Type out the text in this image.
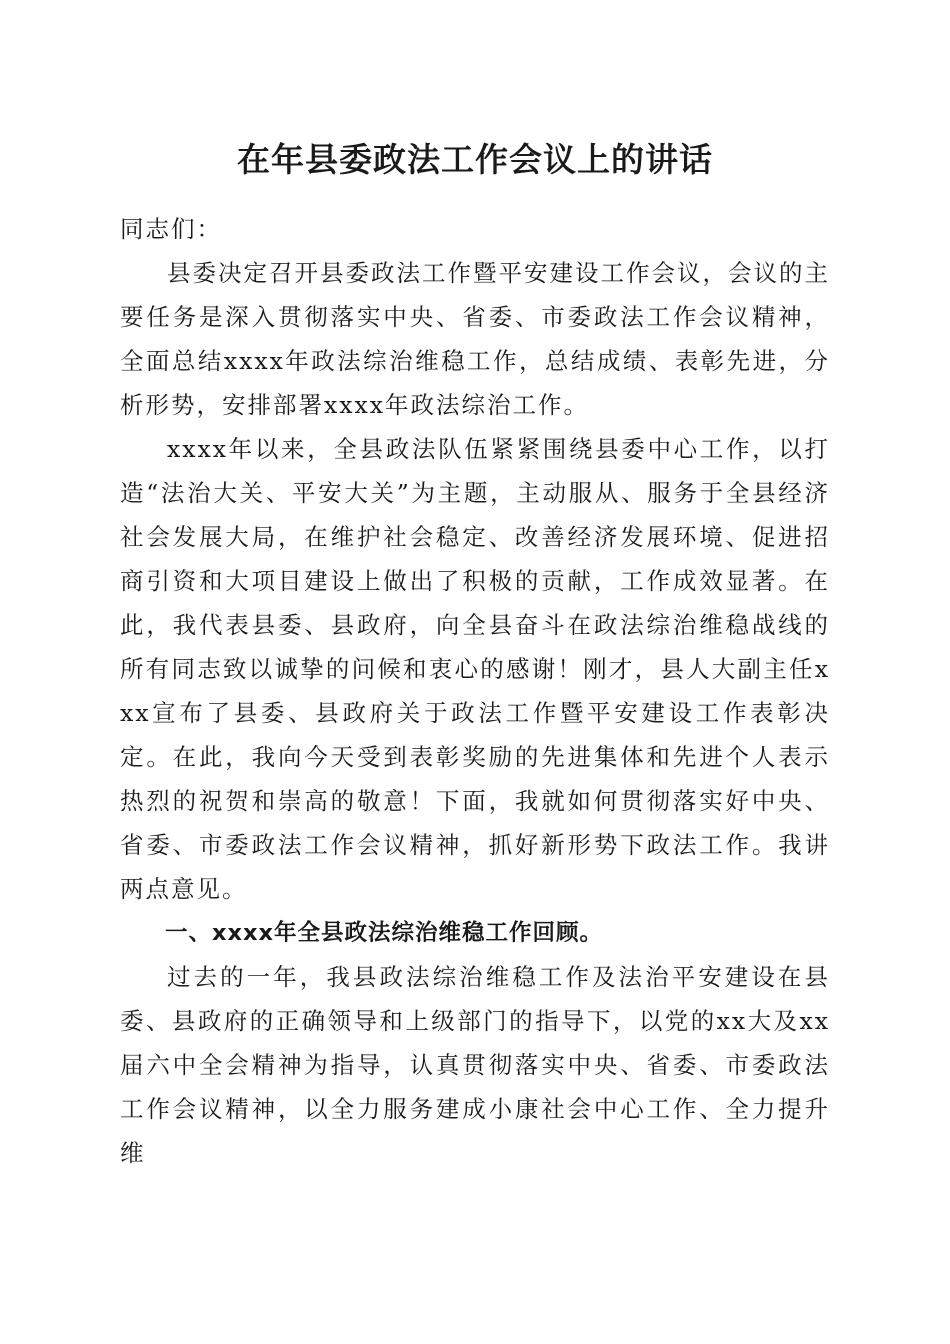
在年县委政法工作会议上的讲话

同志们：

县委决定召开县委政法工作暨平安建设工作会议，会议的主要任务是深入贯彻落实中央、省委、市委政法工作会议精神，全面总结xxxx年政法综治维稳工作，总结成绩、表彰先进，分析形势，安排部署xxxx年政法综治工作。

xxxx年以来，全县政法队伍紧紧围绕县委中心工作，以打造“法治大关、平安大关”为主题，主动服从、服务于全县经济社会发展大局，在维护社会稳定、改善经济发展环境、促进招商引资和大项目建设上做出了积极的贡献，工作成效显著。在此，我代表县委、县政府，向全县奋斗在政法综治维稳战线的所有同志致以诚挚的问候和衷心的感谢！刚才，县人大副主任xxx宣布了县委、县政府关于政法工作暨平安建设工作表彰决定。在此，我向今天受到表彰奖励的先进集体和先进个人表示热烈的祝贺和崇高的敬意！下面，我就如何贯彻落实好中央、省委、市委政法工作会议精神，抓好新形势下政法工作。我讲两点意见。

一、xxxx年全县政法综治维稳工作回顾。

过去的一年，我县政法综治维稳工作及法治平安建设在县委、县政府的正确领导和上级部门的指导下，以党的xx大及xx届六中全会精神为指导，认真贯彻落实中央、省委、市委政法工作会议精神，以全力服务建成小康社会中心工作、全力提升维
